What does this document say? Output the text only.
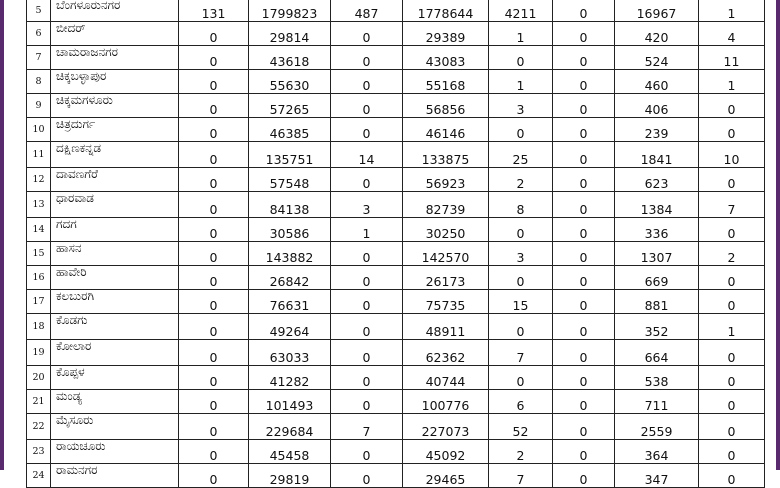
5	ಬೆಂಗಳೂರುನಗರ	131	1799823	487	1778644	4211	0	16967	1
6	ಬೀದರ್	0	29814	0	29389	1	0	420	4
7	ಚಾಮರಾಜನಗರ	0	43618	0	43083	0	0	524	11
8	ಚಿಕ್ಕಬಳ್ಳಾಪುರ	0	55630	0	55168	1	0	460	1
9	ಚಿಕ್ಕಮಗಳೂರು	0	57265	0	56856	3	0	406	0
10	ಚಿತ್ರದುರ್ಗ	0	46385	0	46146	0	0	239	0
11	ದಕ್ಷಿಣಕನ್ನಡ	0	135751	14	133875	25	0	1841	10
12	ದಾವಣಗೆರೆ	0	57548	0	56923	2	0	623	0
13	ಧಾರವಾಡ	0	84138	3	82739	8	0	1384	7
14	ಗದಗ	0	30586	1	30250	0	0	336	0
15	ಹಾಸನ	0	143882	0	142570	3	0	1307	2
16	ಹಾವೇರಿ	0	26842	0	26173	0	0	669	0
17	ಕಲಬುರಗಿ	0	76631	0	75735	15	0	881	0
18	ಕೊಡಗು	0	49264	0	48911	0	0	352	1
19	ಕೋಲಾರ	0	63033	0	62362	7	0	664	0
20	ಕೊಪ್ಪಳ	0	41282	0	40744	0	0	538	0
21	ಮಂಡ್ಯ	0	101493	0	100776	6	0	711	0
22	ಮೈಸೂರು	0	229684	7	227073	52	0	2559	0
23	ರಾಯಚೂರು	0	45458	0	45092	2	0	364	0
24	ರಾಮನಗರ	0	29819	0	29465	7	0	347	0
